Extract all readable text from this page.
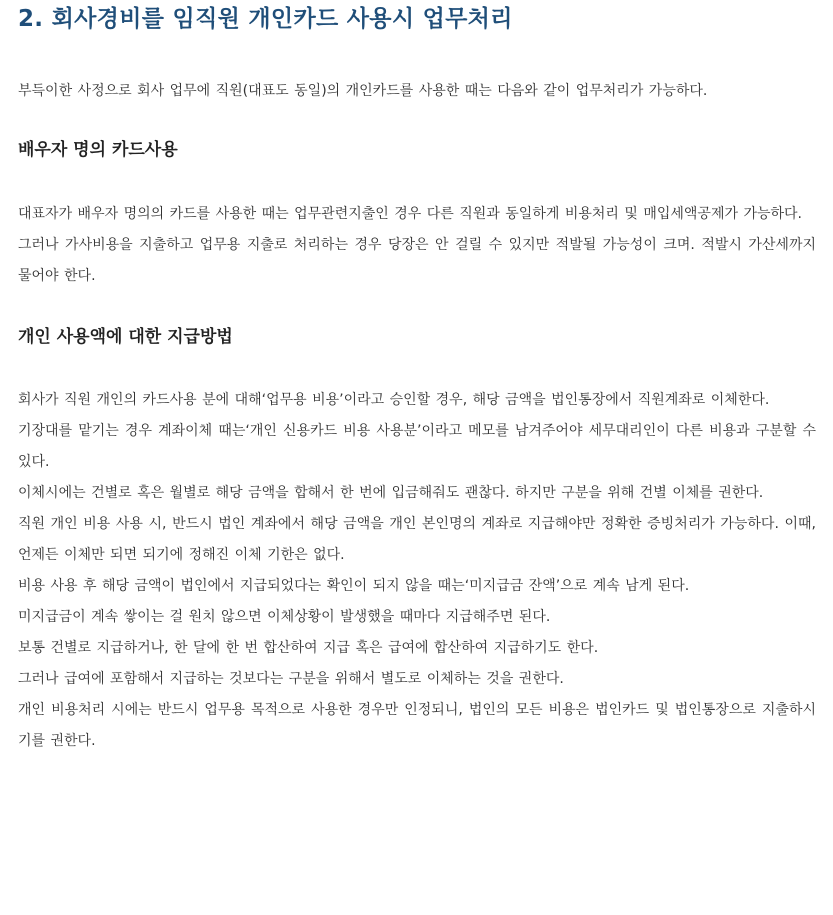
2. 회사경비를 임직원 개인카드 사용시 업무처리

부득이한 사정으로 회사 업무에 직원(대표도 동일)의 개인카드를 사용한 때는 다음와 같이 업무처리가 가능하다.

배우자 명의 카드사용

대표자가 배우자 명의의 카드를 사용한 때는 업무관련지출인 경우 다른 직원과 동일하게 비용처리 및 매입세액공제가 가능하다.

그러나 가사비용을 지출하고 업무용 지출로 처리하는 경우 당장은 안 걸릴 수 있지만 적발될 가능성이 크며. 적발시 가산세까지 물어야 한다.

개인 사용액에 대한 지급방법

회사가 직원 개인의 카드사용 분에 대해‘업무용 비용’이라고 승인할 경우, 해당 금액을 법인통장에서 직원계좌로 이체한다.

기장대를 맡기는 경우 계좌이체 때는‘개인 신용카드 비용 사용분’이라고 메모를 남겨주어야 세무대리인이 다른 비용과 구분할 수 있다.

이체시에는 건별로 혹은 월별로 해당 금액을 합해서 한 번에 입금해줘도 괜찮다. 하지만 구분을 위해 건별 이체를 권한다.

직원 개인 비용 사용 시, 반드시 법인 계좌에서 해당 금액을 개인 본인명의 계좌로 지급해야만 정확한 증빙처리가 가능하다. 이때, 언제든 이체만 되면 되기에 정해진 이체 기한은 없다.

비용 사용 후 해당 금액이 법인에서 지급되었다는 확인이 되지 않을 때는‘미지급금 잔액’으로 계속 남게 된다.

미지급금이 계속 쌓이는 걸 원치 않으면 이체상황이 발생했을 때마다 지급해주면 된다.

보통 건별로 지급하거나, 한 달에 한 번 합산하여 지급 혹은 급여에 합산하여 지급하기도 한다.

그러나 급여에 포함해서 지급하는 것보다는 구분을 위해서 별도로 이체하는 것을 권한다.

개인 비용처리 시에는 반드시 업무용 목적으로 사용한 경우만 인정되니, 법인의 모든 비용은 법인카드 및 법인통장으로 지출하시기를 권한다.
